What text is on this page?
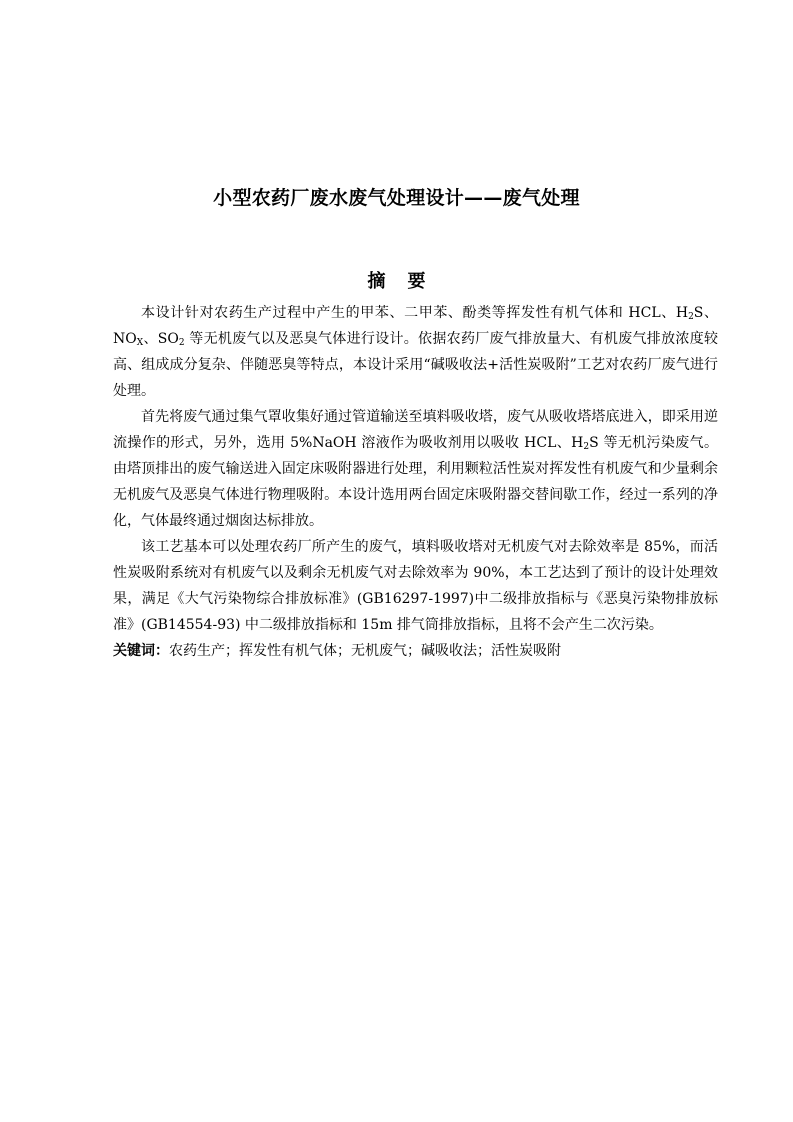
小型农药厂废水废气处理设计——废气处理
摘 要

本设计针对农药生产过程中产生的甲苯、二甲苯、酚类等挥发性有机气体和 HCL、$H_2S$、$NO_X$、$SO_2$ 等无机废气以及恶臭气体进行设计。依据农药厂废气排放量大、有机废气排放浓度较高、组成成分复杂、伴随恶臭等特点，本设计采用“碱吸收法+活性炭吸附”工艺对农药厂废气进行处理。

首先将废气通过集气罩收集好通过管道输送至填料吸收塔，废气从吸收塔塔底进入，即采用逆流操作的形式，另外，选用 5%NaOH 溶液作为吸收剂用以吸收 HCL、$H_2S$ 等无机污染废气。由塔顶排出的废气输送进入固定床吸附器进行处理，利用颗粒活性炭对挥发性有机废气和少量剩余无机废气及恶臭气体进行物理吸附。本设计选用两台固定床吸附器交替间歇工作，经过一系列的净化，气体最终通过烟囱达标排放。

该工艺基本可以处理农药厂所产生的废气，填料吸收塔对无机废气对去除效率是 85%，而活性炭吸附系统对有机废气以及剩余无机废气对去除效率为 90%，本工艺达到了预计的设计处理效果，满足《大气污染物综合排放标准》(GB16297-1997)中二级排放指标与《恶臭污染物排放标准》(GB14554-93) 中二级排放指标和 15m 排气筒排放指标，且将不会产生二次污染。

关键词：农药生产；挥发性有机气体；无机废气；碱吸收法；活性炭吸附
